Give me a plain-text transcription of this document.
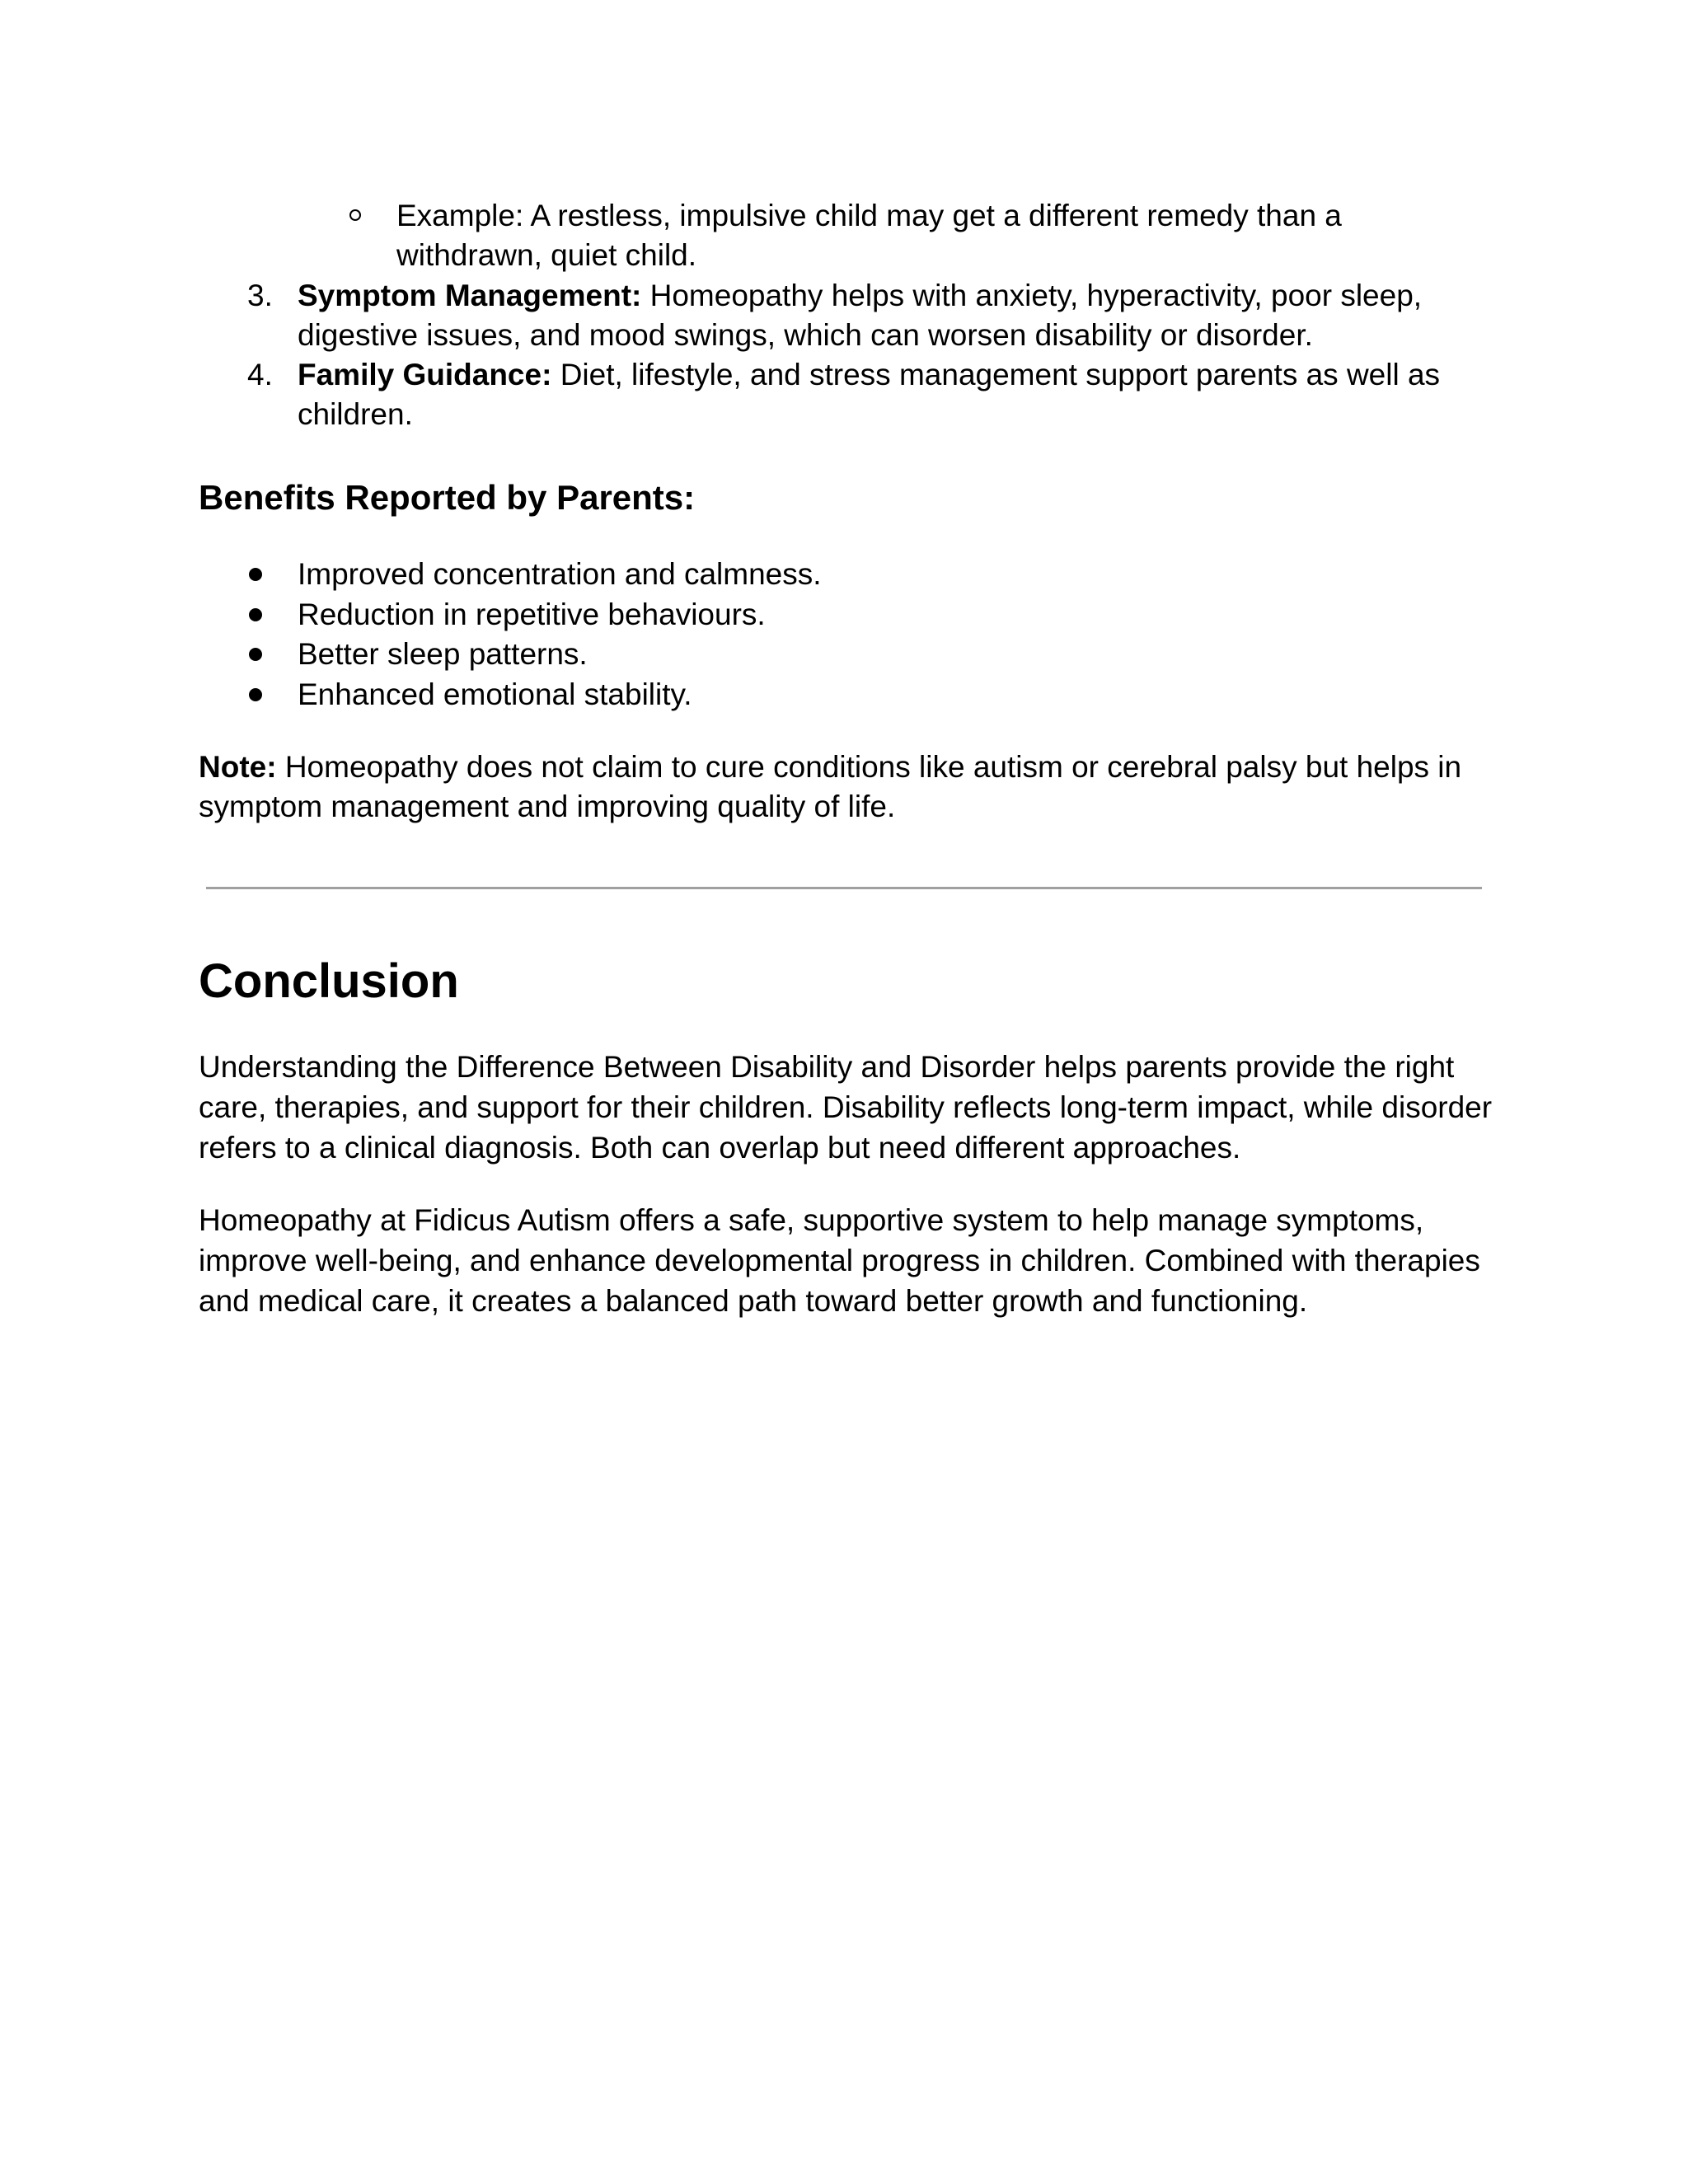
Example: A restless, impulsive child may get a different remedy than a

withdrawn, quiet child.

3. Symptom Management: Homeopathy helps with anxiety, hyperactivity, poor sleep,

digestive issues, and mood swings, which can worsen disability or disorder.

4. Family Guidance: Diet, lifestyle, and stress management support parents as well as

children.

Benefits Reported by Parents:

Improved concentration and calmness.

Reduction in repetitive behaviours.

Better sleep patterns.

Enhanced emotional stability.

Note: Homeopathy does not claim to cure conditions like autism or cerebral palsy but helps in

symptom management and improving quality of life.

Conclusion

Understanding the Difference Between Disability and Disorder helps parents provide the right

care, therapies, and support for their children. Disability reflects long-term impact, while disorder

refers to a clinical diagnosis. Both can overlap but need different approaches.

Homeopathy at Fidicus Autism offers a safe, supportive system to help manage symptoms,

improve well-being, and enhance developmental progress in children. Combined with therapies

and medical care, it creates a balanced path toward better growth and functioning.
